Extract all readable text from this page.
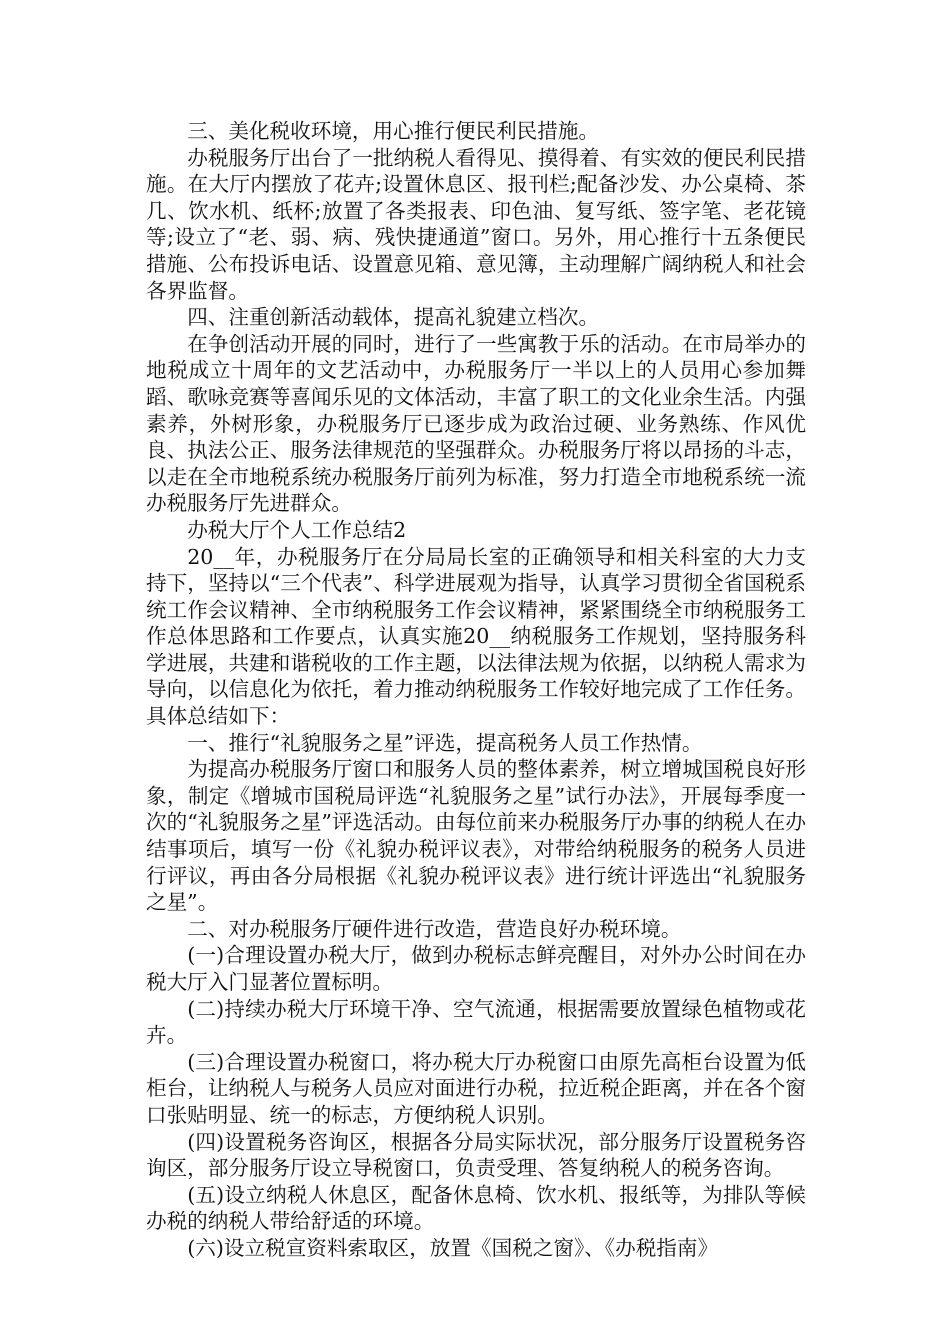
三、美化税收环境，用心推行便民利民措施。

办税服务厅出台了一批纳税人看得见、摸得着、有实效的便民利民措施。在大厅内摆放了花卉;设置休息区、报刊栏;配备沙发、办公桌椅、茶几、饮水机、纸杯;放置了各类报表、印色油、复写纸、签字笔、老花镜等;设立了“老、弱、病、残快捷通道”窗口。另外，用心推行十五条便民措施、公布投诉电话、设置意见箱、意见簿，主动理解广阔纳税人和社会各界监督。

四、注重创新活动载体，提高礼貌建立档次。

在争创活动开展的同时，进行了一些寓教于乐的活动。在市局举办的地税成立十周年的文艺活动中，办税服务厅一半以上的人员用心参加舞蹈、歌咏竞赛等喜闻乐见的文体活动，丰富了职工的文化业余生活。内强素养，外树形象，办税服务厅已逐步成为政治过硬、业务熟练、作风优良、执法公正、服务法律规范的坚强群众。办税服务厅将以昂扬的斗志，以走在全市地税系统办税服务厅前列为标准，努力打造全市地税系统一流办税服务厅先进群众。

办税大厅个人工作总结2

20__年，办税服务厅在分局局长室的正确领导和相关科室的大力支持下，坚持以“三个代表”、科学进展观为指导，认真学习贯彻全省国税系统工作会议精神、全市纳税服务工作会议精神，紧紧围绕全市纳税服务工作总体思路和工作要点，认真实施20__纳税服务工作规划，坚持服务科学进展，共建和谐税收的工作主题，以法律法规为依据，以纳税人需求为导向，以信息化为依托，着力推动纳税服务工作较好地完成了工作任务。具体总结如下：

一、推行“礼貌服务之星”评选，提高税务人员工作热情。

为提高办税服务厅窗口和服务人员的整体素养，树立增城国税良好形象，制定《增城市国税局评选“礼貌服务之星”试行办法》，开展每季度一次的“礼貌服务之星”评选活动。由每位前来办税服务厅办事的纳税人在办结事项后，填写一份《礼貌办税评议表》，对带给纳税服务的税务人员进行评议，再由各分局根据《礼貌办税评议表》进行统计评选出“礼貌服务之星”。

二、对办税服务厅硬件进行改造，营造良好办税环境。

(一)合理设置办税大厅，做到办税标志鲜亮醒目，对外办公时间在办税大厅入门显著位置标明。

(二)持续办税大厅环境干净、空气流通，根据需要放置绿色植物或花卉。

(三)合理设置办税窗口，将办税大厅办税窗口由原先高柜台设置为低柜台，让纳税人与税务人员应对面进行办税，拉近税企距离，并在各个窗口张贴明显、统一的标志，方便纳税人识别。

(四)设置税务咨询区，根据各分局实际状况，部分服务厅设置税务咨询区，部分服务厅设立导税窗口，负责受理、答复纳税人的税务咨询。

(五)设立纳税人休息区，配备休息椅、饮水机、报纸等，为排队等候办税的纳税人带给舒适的环境。

(六)设立税宣资料索取区，放置《国税之窗》、《办税指南》
